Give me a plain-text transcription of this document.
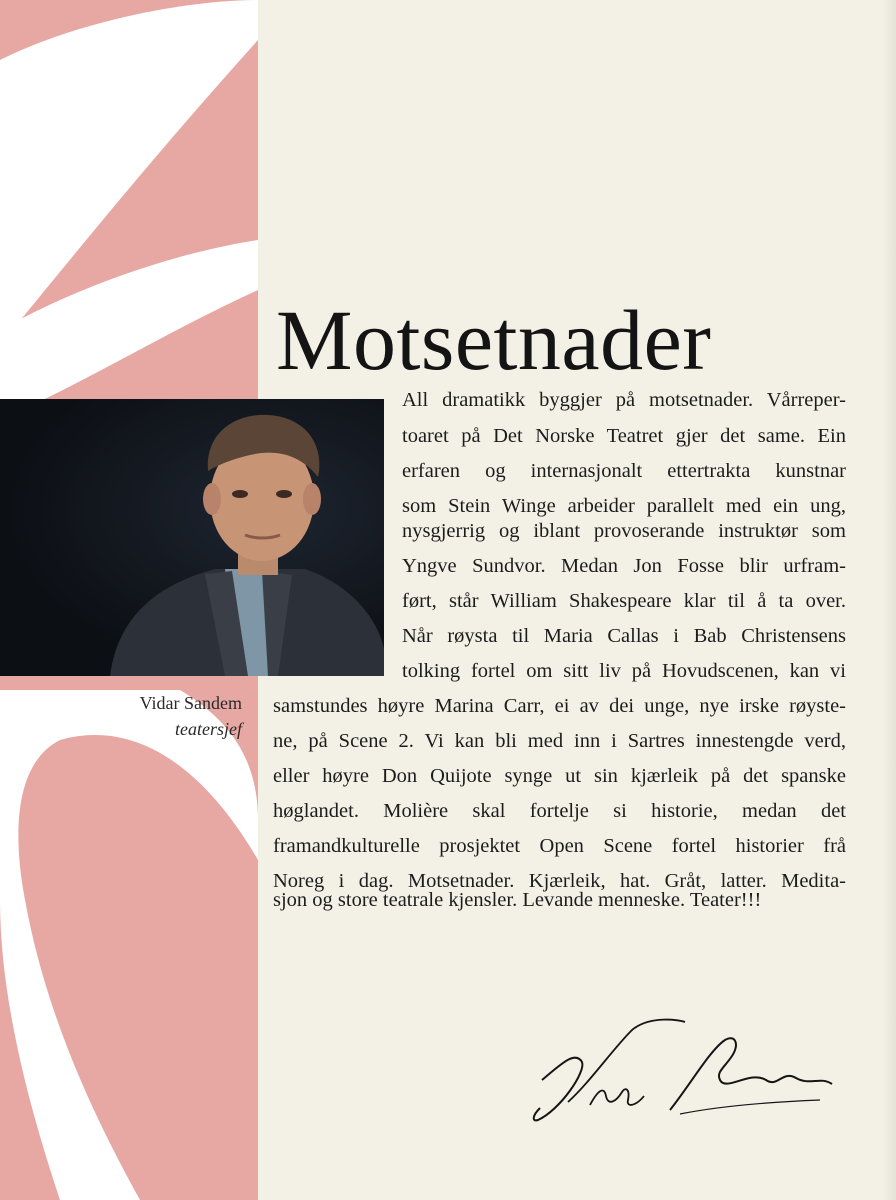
Motsetnader

All dramatikk byggjer på motsetnader. Vårreper-

toaret på Det Norske Teatret gjer det same. Ein

erfaren og internasjonalt ettertrakta kunstnar

som Stein Winge arbeider parallelt med ein ung,

nysgjerrig og iblant provoserande instruktør som

Yngve Sundvor. Medan Jon Fosse blir urfram-

ført, står William Shakespeare klar til å ta over.

Når røysta til Maria Callas i Bab Christensens

tolking fortel om sitt liv på Hovudscenen, kan vi

samstundes høyre Marina Carr, ei av dei unge, nye irske røyste-

ne, på Scene 2. Vi kan bli med inn i Sartres innestengde verd,

eller høyre Don Quijote synge ut sin kjærleik på det spanske

høglandet. Molière skal fortelje si historie, medan det

framandkulturelle prosjektet Open Scene fortel historier frå

Noreg i dag. Motsetnader. Kjærleik, hat. Gråt, latter. Medita-

sjon og store teatrale kjensler. Levande menneske. Teater!!!

Vidar Sandem

teatersjef
